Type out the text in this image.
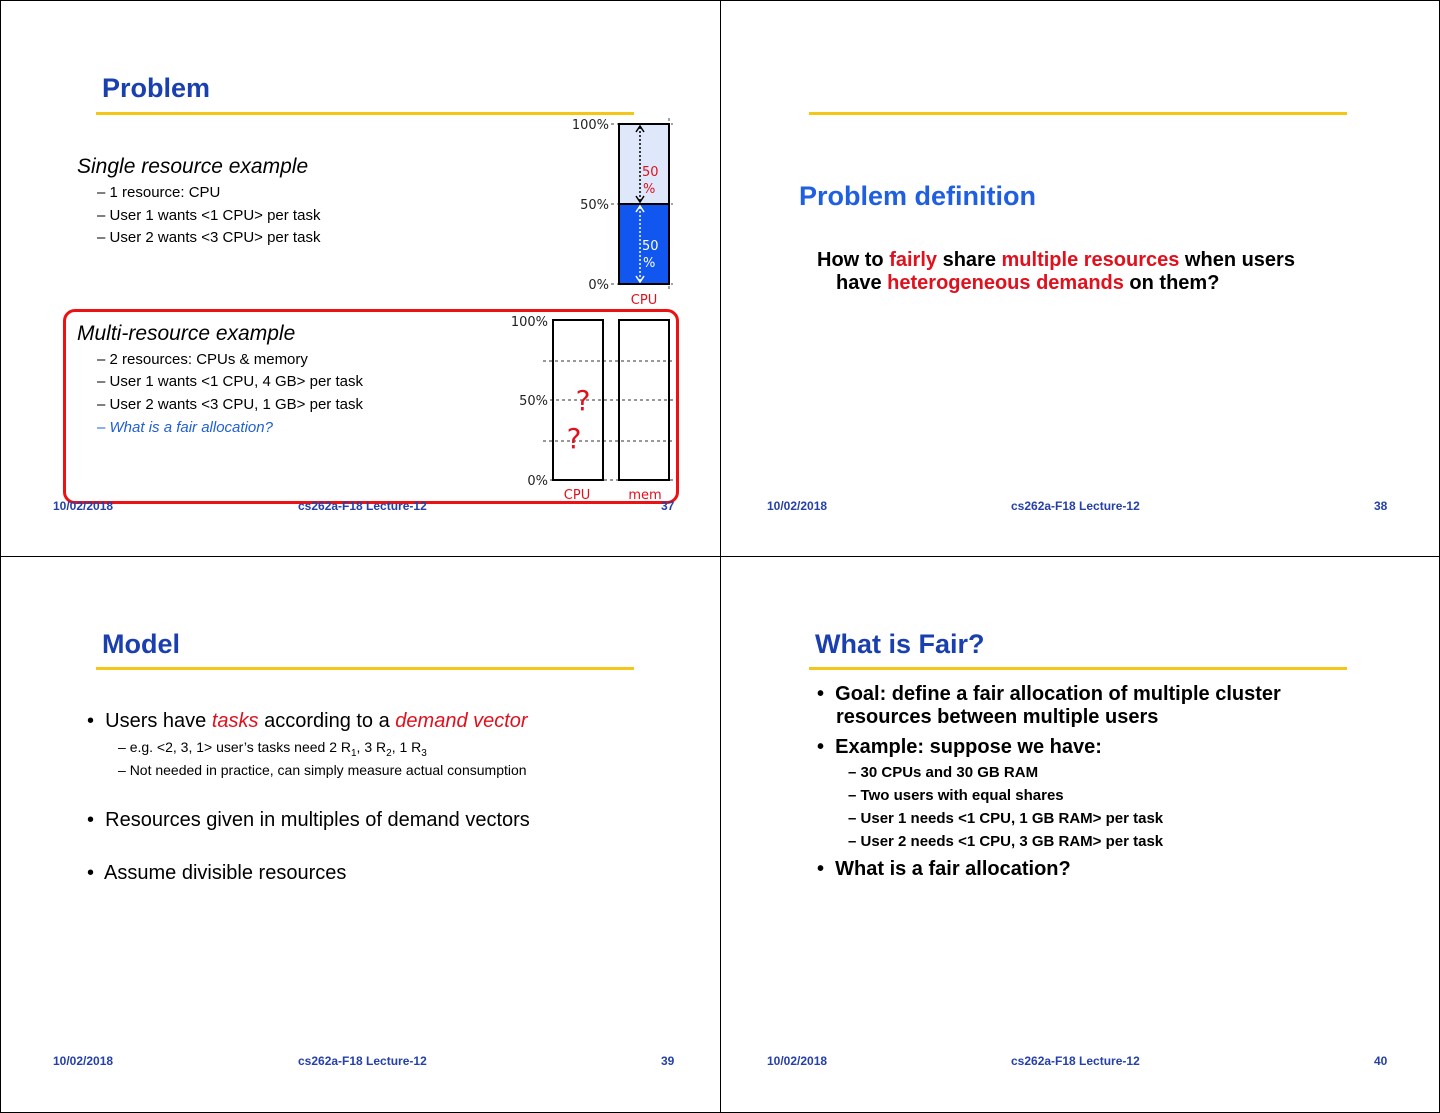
Problem
Single resource example
– 1 resource: CPU
– User 1 wants <1 CPU> per task
– User 2 wants <3 CPU> per task
100%
50%
0%
50
%
50
%
CPU
Multi-resource example
– 2 resources: CPUs & memory
– User 1 wants <1 CPU, 4 GB> per task
– User 2 wants <3 CPU, 1 GB> per task
– What is a fair allocation?
100%
50%
0%
?
?
CPU	mem
10/02/2018	cs262a-F18 Lecture-12	37
Problem definition
How to fairly share multiple resources when users
have heterogeneous demands on them?
10/02/2018	cs262a-F18 Lecture-12	38
Model
• Users have tasks according to a demand vector
– e.g. <2, 3, 1> user’s tasks need 2 $R_1$, 3 $R_2$, 1 $R_3$
– Not needed in practice, can simply measure actual consumption
• Resources given in multiples of demand vectors
• Assume divisible resources
10/02/2018	cs262a-F18 Lecture-12	39
What is Fair?
• Goal: define a fair allocation of multiple cluster
resources between multiple users
• Example: suppose we have:
– 30 CPUs and 30 GB RAM
– Two users with equal shares
– User 1 needs <1 CPU, 1 GB RAM> per task
– User 2 needs <1 CPU, 3 GB RAM> per task
• What is a fair allocation?
10/02/2018	cs262a-F18 Lecture-12	40
